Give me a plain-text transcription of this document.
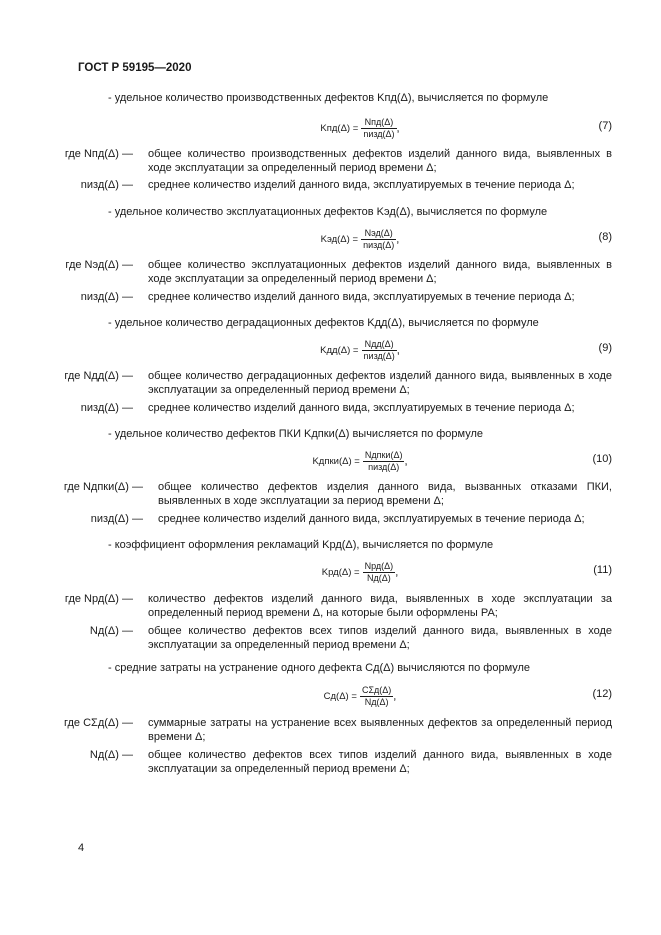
ГОСТ Р 59195—2020
- удельное количество производственных дефектов Kпд(Δ), вычисляется по формуле
$Kпд(\Delta) = \frac{\text{Nпд(Δ)}}{\text{nизд(Δ)}}$ ,	(7)
где Nпд(Δ) — общее количество производственных дефектов изделий данного вида, выявленных в ходе эксплуатации за определенный период времени Δ;
nизд(Δ) — среднее количество изделий данного вида, эксплуатируемых в течение периода Δ;
- удельное количество эксплуатационных дефектов Kэд(Δ), вычисляется по формуле
$Kэд(\Delta) = \frac{\text{Nэд(Δ)}}{\text{nизд(Δ)}}$ ,	(8)
где Nэд(Δ) — общее количество эксплуатационных дефектов изделий данного вида, выявленных в ходе эксплуатации за определенный период времени Δ;
nизд(Δ) — среднее количество изделий данного вида, эксплуатируемых в течение периода Δ;
- удельное количество деградационных дефектов Kдд(Δ), вычисляется по формуле
$Kдд(\Delta) = \frac{\text{Nдд(Δ)}}{\text{nизд(Δ)}}$ ,	(9)
где Nдд(Δ) — общее количество деградационных дефектов изделий данного вида, выявленных в ходе эксплуатации за определенный период времени Δ;
nизд(Δ) — среднее количество изделий данного вида, эксплуатируемых в течение периода Δ;
- удельное количество дефектов ПКИ Kдпки(Δ) вычисляется по формуле
Kдпки(Δ) = $\frac{\text{Nдпки(Δ)}}{\text{nизд(Δ)}}$ ,	(10)
где Nдпки(Δ) — общее количество дефектов изделия данного вида, вызванных отказами ПКИ, выявленных в ходе эксплуатации за период времени Δ;
nизд(Δ) — среднее количество изделий данного вида, эксплуатируемых в течение периода Δ;
- коэффициент оформления рекламаций Kрд(Δ), вычисляется по формуле
$Kрд(\Delta) = \frac{\text{Nрд(Δ)}}{Nд(\Delta)}$ ,	(11)
где Nрд(Δ) — количество дефектов изделий данного вида, выявленных в ходе эксплуатации за определенный период времени Δ, на которые были оформлены РА;
Nд(Δ) — общее количество дефектов всех типов изделий данного вида, выявленных в ходе эксплуатации за определенный период времени Δ;
- средние затраты на устранение одного дефекта Cд(Δ) вычисляются по формуле
$Cд(\Delta) = \frac{\text{CΣд(Δ)}}{Nд(\Delta)}$ ,	(12)
где CΣд(Δ) — суммарные затраты на устранение всех выявленных дефектов за определенный период времени Δ;
Nд(Δ) — общее количество дефектов всех типов изделий данного вида, выявленных в ходе эксплуатации за определенный период времени Δ;
4
